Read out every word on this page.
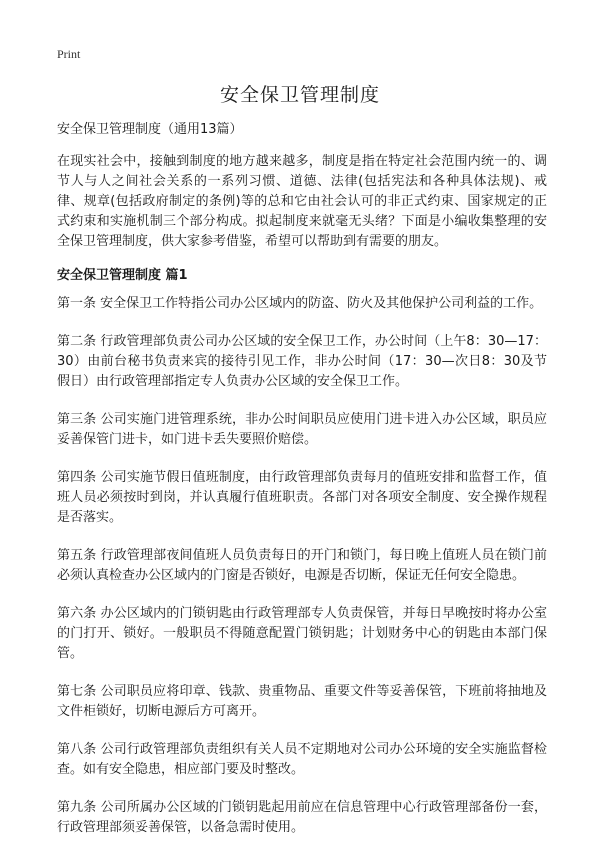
Print
安全保卫管理制度

安全保卫管理制度（通用13篇）

在现实社会中，接触到制度的地方越来越多，制度是指在特定社会范围内统一的、调节人与人之间社会关系的一系列习惯、道德、法律(包括宪法和各种具体法规)、戒律、规章(包括政府制定的条例)等的总和它由社会认可的非正式约束、国家规定的正式约束和实施机制三个部分构成。拟起制度来就毫无头绪？下面是小编收集整理的安全保卫管理制度，供大家参考借鉴，希望可以帮助到有需要的朋友。

安全保卫管理制度 篇1

第一条 安全保卫工作特指公司办公区域内的防盗、防火及其他保护公司利益的工作。

第二条 行政管理部负责公司办公区域的安全保卫工作，办公时间（上午8：30—17：30）由前台秘书负责来宾的接待引见工作，非办公时间（17：30—次日8：30及节假日）由行政管理部指定专人负责办公区域的安全保卫工作。

第三条 公司实施门进管理系统，非办公时间职员应使用门进卡进入办公区域，职员应妥善保管门进卡，如门进卡丢失要照价赔偿。

第四条 公司实施节假日值班制度，由行政管理部负责每月的值班安排和监督工作，值班人员必须按时到岗，并认真履行值班职责。各部门对各项安全制度、安全操作规程是否落实。

第五条 行政管理部夜间值班人员负责每日的开门和锁门，每日晚上值班人员在锁门前必须认真检查办公区域内的门窗是否锁好，电源是否切断，保证无任何安全隐患。

第六条 办公区域内的门锁钥匙由行政管理部专人负责保管，并每日早晚按时将办公室的门打开、锁好。一般职员不得随意配置门锁钥匙；计划财务中心的钥匙由本部门保管。

第七条 公司职员应将印章、钱款、贵重物品、重要文件等妥善保管，下班前将抽地及文件柜锁好，切断电源后方可离开。

第八条 公司行政管理部负责组织有关人员不定期地对公司办公环境的安全实施监督检查。如有安全隐患，相应部门要及时整改。

第九条 公司所属办公区域的门锁钥匙起用前应在信息管理中心行政管理部备份一套，行政管理部须妥善保管，以备急需时使用。
